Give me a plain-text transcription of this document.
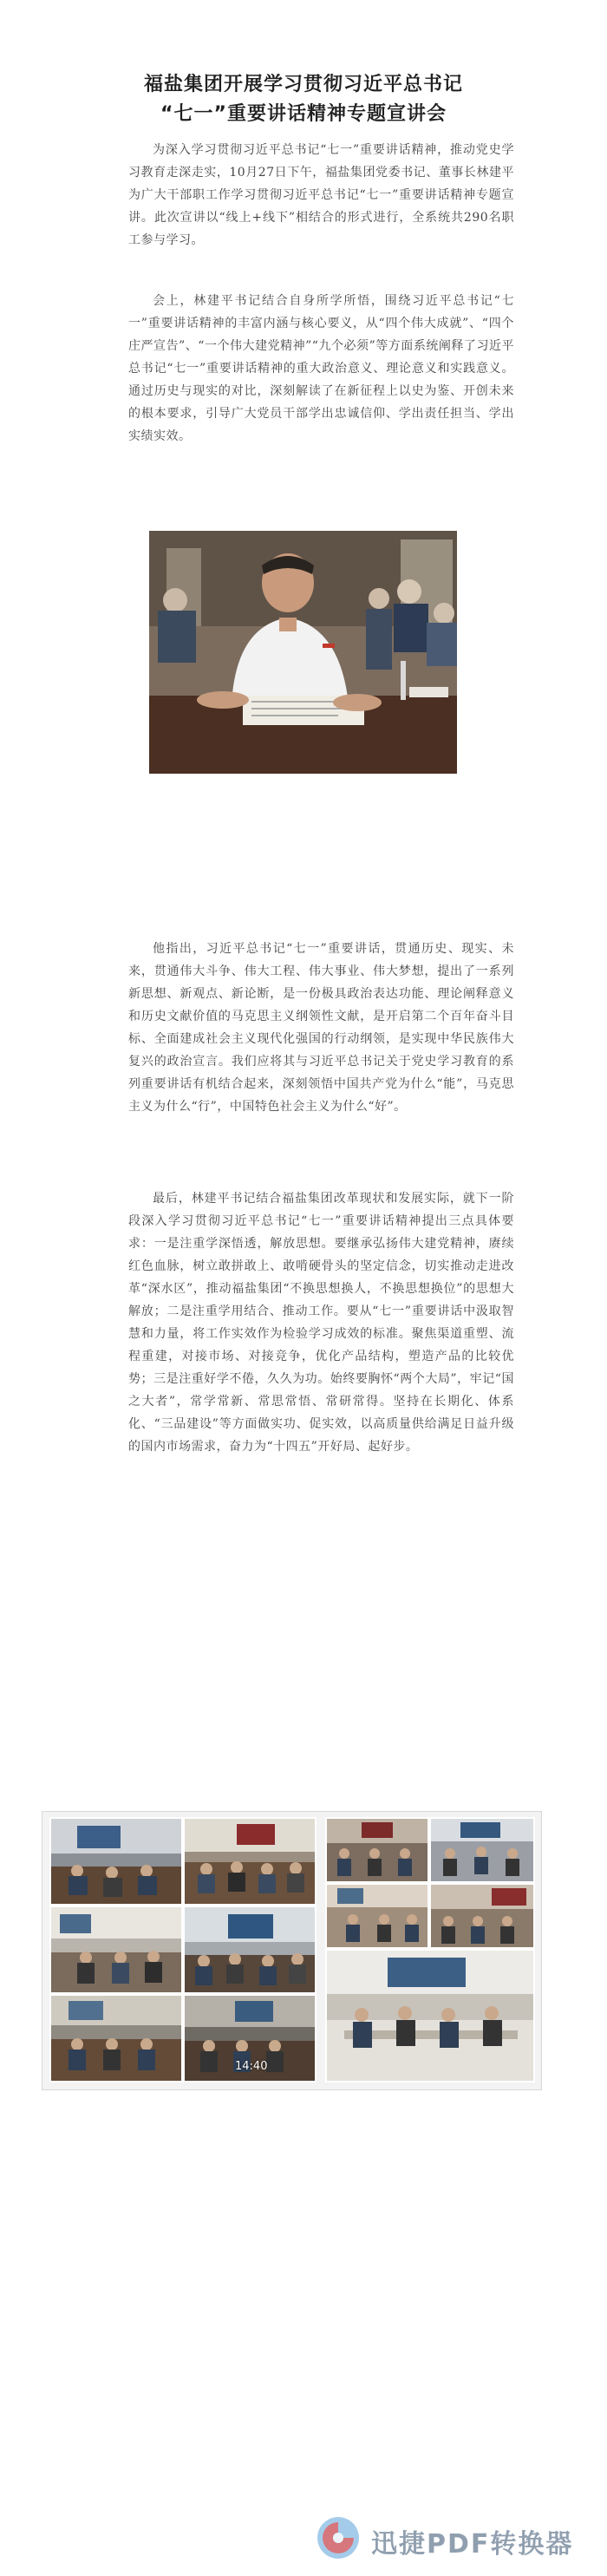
福盐集团开展学习贯彻习近平总书记
“七一”重要讲话精神专题宣讲会

为深入学习贯彻习近平总书记“七一”重要讲话精神，推动党史学习教育走深走实，10月27日下午，福盐集团党委书记、董事长林建平为广大干部职工作学习贯彻习近平总书记“七一”重要讲话精神专题宣讲。此次宣讲以“线上+线下”相结合的形式进行，全系统共290名职工参与学习。

会上，林建平书记结合自身所学所悟，围绕习近平总书记“七一”重要讲话精神的丰富内涵与核心要义，从“四个伟大成就”、“四个庄严宣告”、“一个伟大建党精神”“九个必须”等方面系统阐释了习近平总书记“七一”重要讲话精神的重大政治意义、理论意义和实践意义。通过历史与现实的对比，深刻解读了在新征程上以史为鉴、开创未来的根本要求，引导广大党员干部学出忠诚信仰、学出责任担当、学出实绩实效。

他指出，习近平总书记“七一”重要讲话，贯通历史、现实、未来，贯通伟大斗争、伟大工程、伟大事业、伟大梦想，提出了一系列新思想、新观点、新论断，是一份极具政治表达功能、理论阐释意义和历史文献价值的马克思主义纲领性文献，是开启第二个百年奋斗目标、全面建成社会主义现代化强国的行动纲领，是实现中华民族伟大复兴的政治宣言。我们应将其与习近平总书记关于党史学习教育的系列重要讲话有机结合起来，深刻领悟中国共产党为什么“能”，马克思主义为什么“行”，中国特色社会主义为什么“好”。

最后，林建平书记结合福盐集团改革现状和发展实际，就下一阶段深入学习贯彻习近平总书记“七一”重要讲话精神提出三点具体要求：一是注重学深悟透，解放思想。要继承弘扬伟大建党精神，赓续红色血脉，树立敢拼敢上、敢啃硬骨头的坚定信念，切实推动走进改革“深水区”，推动福盐集团“不换思想换人，不换思想换位”的思想大解放；二是注重学用结合、推动工作。要从“七一”重要讲话中汲取智慧和力量，将工作实效作为检验学习成效的标准。聚焦渠道重塑、流程重建，对接市场、对接竞争，优化产品结构，塑造产品的比较优势；三是注重好学不倦，久久为功。始终要胸怀“两个大局”，牢记“国之大者”，常学常新、常思常悟、常研常得。坚持在长期化、体系化、“三品建设”等方面做实功、促实效，以高质量供给满足日益升级的国内市场需求，奋力为“十四五”开好局、起好步。

14:40
迅捷PDF转换器
